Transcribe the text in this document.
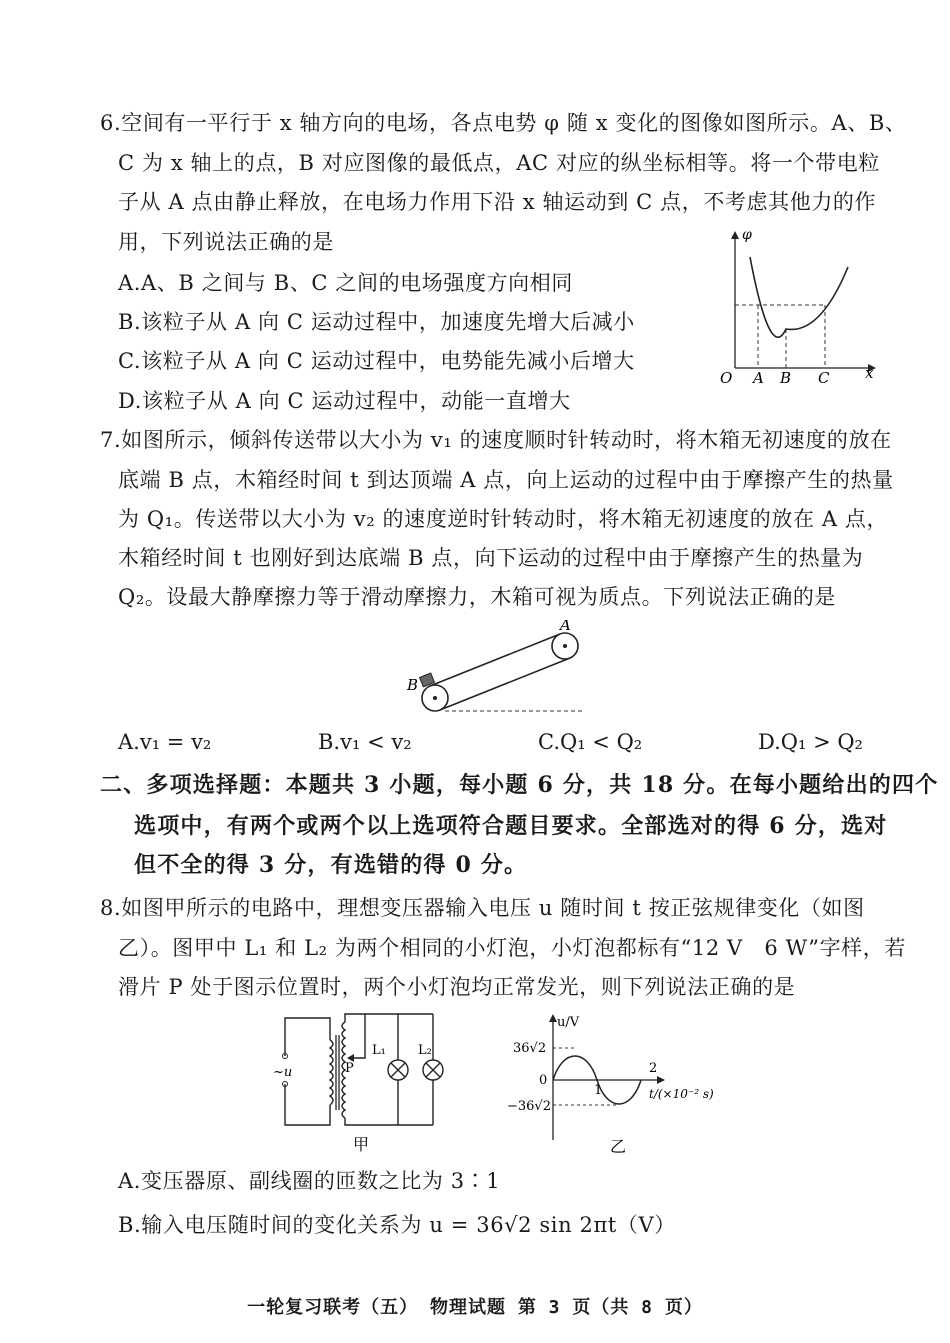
6.空间有一平行于 x 轴方向的电场，各点电势 φ 随 x 变化的图像如图所示。A、B、
C 为 x 轴上的点，B 对应图像的最低点，AC 对应的纵坐标相等。将一个带电粒
子从 A 点由静止释放，在电场力作用下沿 x 轴运动到 C 点，不考虑其他力的作
用，下列说法正确的是
A.A、B 之间与 B、C 之间的电场强度方向相同
B.该粒子从 A 向 C 运动过程中，加速度先增大后减小
C.该粒子从 A 向 C 运动过程中，电势能先减小后增大
D.该粒子从 A 向 C 运动过程中，动能一直增大
φ
O A B C x
7.如图所示，倾斜传送带以大小为 v₁ 的速度顺时针转动时，将木箱无初速度的放在
底端 B 点，木箱经时间 t 到达顶端 A 点，向上运动的过程中由于摩擦产生的热量
为 Q₁。传送带以大小为 v₂ 的速度逆时针转动时，将木箱无初速度的放在 A 点，
木箱经时间 t 也刚好到达底端 B 点，向下运动的过程中由于摩擦产生的热量为
Q₂。设最大静摩擦力等于滑动摩擦力，木箱可视为质点。下列说法正确的是
B
A
A.v₁ = v₂	B.v₁ < v₂	C.Q₁ < Q₂	D.Q₁ > Q₂
二、多项选择题：本题共 3 小题，每小题 6 分，共 18 分。在每小题给出的四个
选项中，有两个或两个以上选项符合题目要求。全部选对的得 6 分，选对
但不全的得 3 分，有选错的得 0 分。
8.如图甲所示的电路中，理想变压器输入电压 u 随时间 t 按正弦规律变化（如图
乙）。图甲中 L₁ 和 L₂ 为两个相同的小灯泡，小灯泡都标有“12 V　6 W”字样，若
滑片 P 处于图示位置时，两个小灯泡均正常发光，则下列说法正确的是
~u	P
L₁ L₂
甲
u/V
36√2
0
−36√2
1
2
t/(×10⁻² s)
乙
A.变压器原、副线圈的匝数之比为 3∶1
B.输入电压随时间的变化关系为 u = 36√2 sin 2πt（V）
一轮复习联考（五） 物理试题 第 3 页（共 8 页）
